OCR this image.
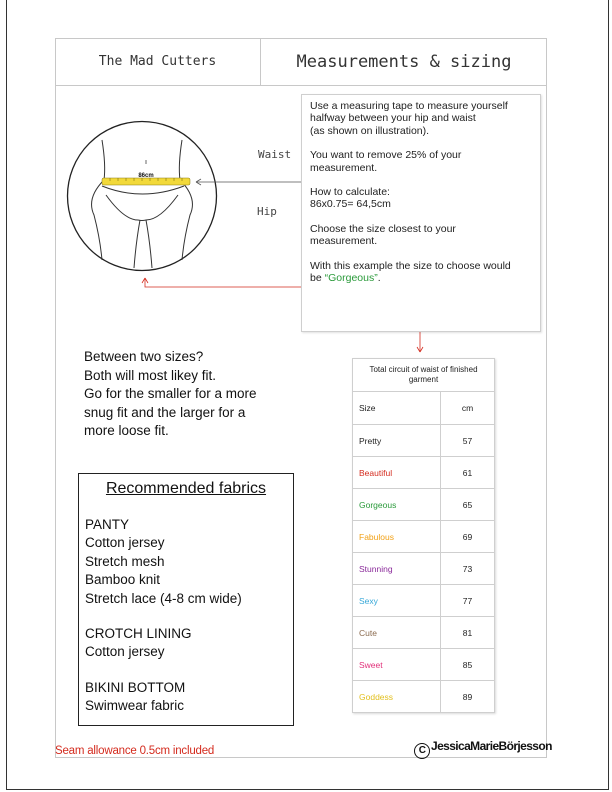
The Mad Cutters	Measurements & sizing
86cm
Waist
Hip

Use a measuring tape to measure yourself
halfway between your hip and waist
(as shown on illustration).

You want to remove 25% of your
measurement.

How to calculate:
86x0.75= 64,5cm

Choose the size closest to your
measurement.

With this example the size to choose would
be “Gorgeous”.

Between two sizes?
Both will most likey fit.
Go for the smaller for a more
snug fit and the larger for a
more loose fit.
Recommended fabrics
PANTY
Cotton jersey
Stretch mesh
Bamboo knit
Stretch lace (4-8 cm wide)
CROTCH LINING
Cotton jersey
BIKINI BOTTOM
Swimwear fabric
Total circuit of waist of finished garment	
Size	cm
Pretty	57
Beautiful	61
Gorgeous	65
Fabulous	69
Stunning	73
Sexy	77
Cute	81
Sweet	85
Goddess	89
Seam allowance 0.5cm included	C JessicaMarieBörjesson
